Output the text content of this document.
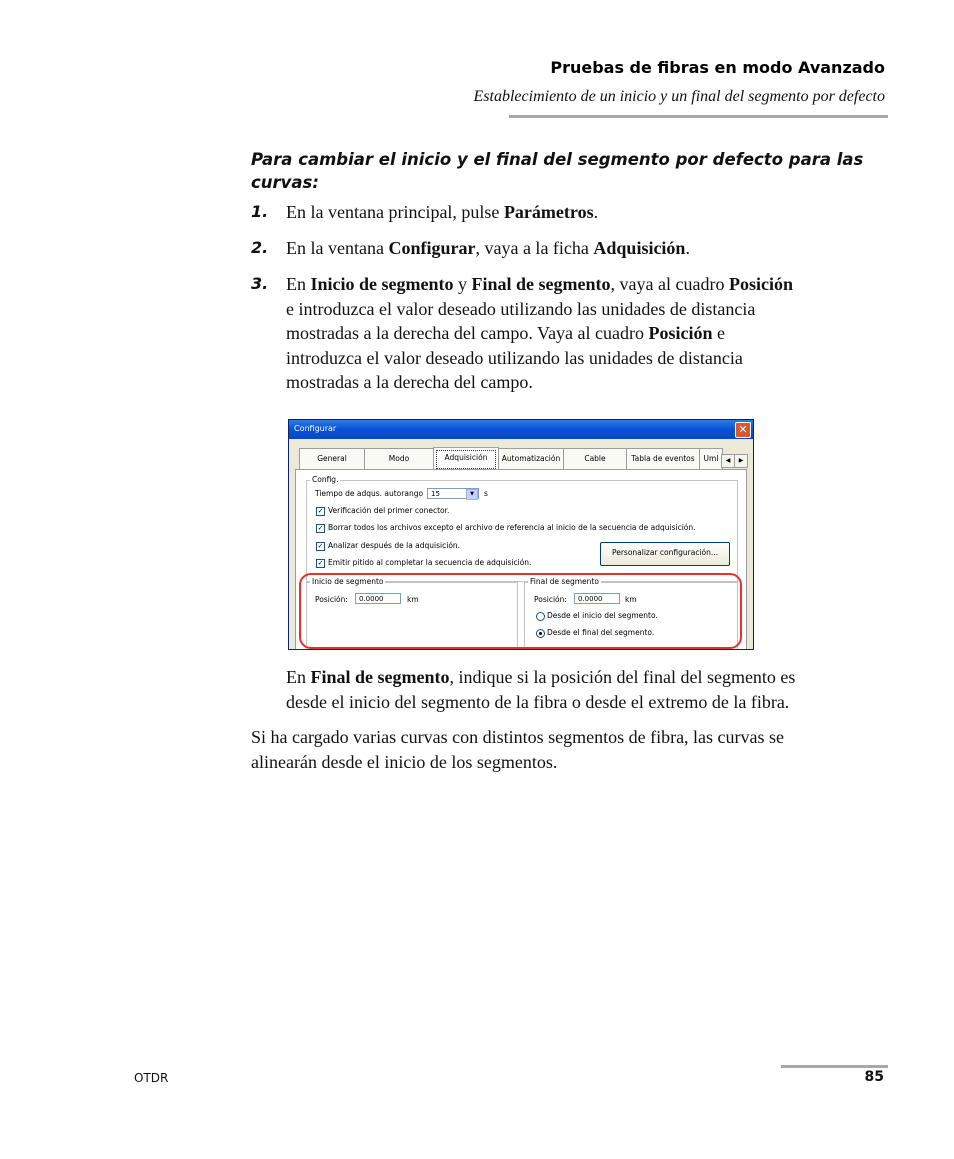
Pruebas de fibras en modo Avanzado
Establecimiento de un inicio y un final del segmento por defecto
Para cambiar el inicio y el final del segmento por defecto para las curvas:
1. En la ventana principal, pulse Parámetros.
2. En la ventana Configurar, vaya a la ficha Adquisición.
3. En Inicio de segmento y Final de segmento, vaya al cuadro Posición
e introduzca el valor deseado utilizando las unidades de distancia
mostradas a la derecha del campo. Vaya al cuadro Posición e
introduzca el valor deseado utilizando las unidades de distancia
mostradas a la derecha del campo.
Configurar	✕
General	Modo	Adquisición	Automatización	Cable	Tabla de eventos	Uml	◀	▶
Config.
Tiempo de adqus. autorango	15	▼	s
✓ Verificación del primer conector.
✓ Borrar todos los archivos excepto el archivo de referencia al inicio de la secuencia de adquisición.
✓ Analizar después de la adquisición.
✓ Emitir pitido al completar la secuencia de adquisición.
Personalizar configuración...
Inicio de segmento
Posición:	0.0000	km
Final de segmento
Posición:	0.0000	km
Desde el inicio del segmento.
Desde el final del segmento.
En Final de segmento, indique si la posición del final del segmento es
desde el inicio del segmento de la fibra o desde el extremo de la fibra.
Si ha cargado varias curvas con distintos segmentos de fibra, las curvas se
alinearán desde el inicio de los segmentos.
OTDR	85
